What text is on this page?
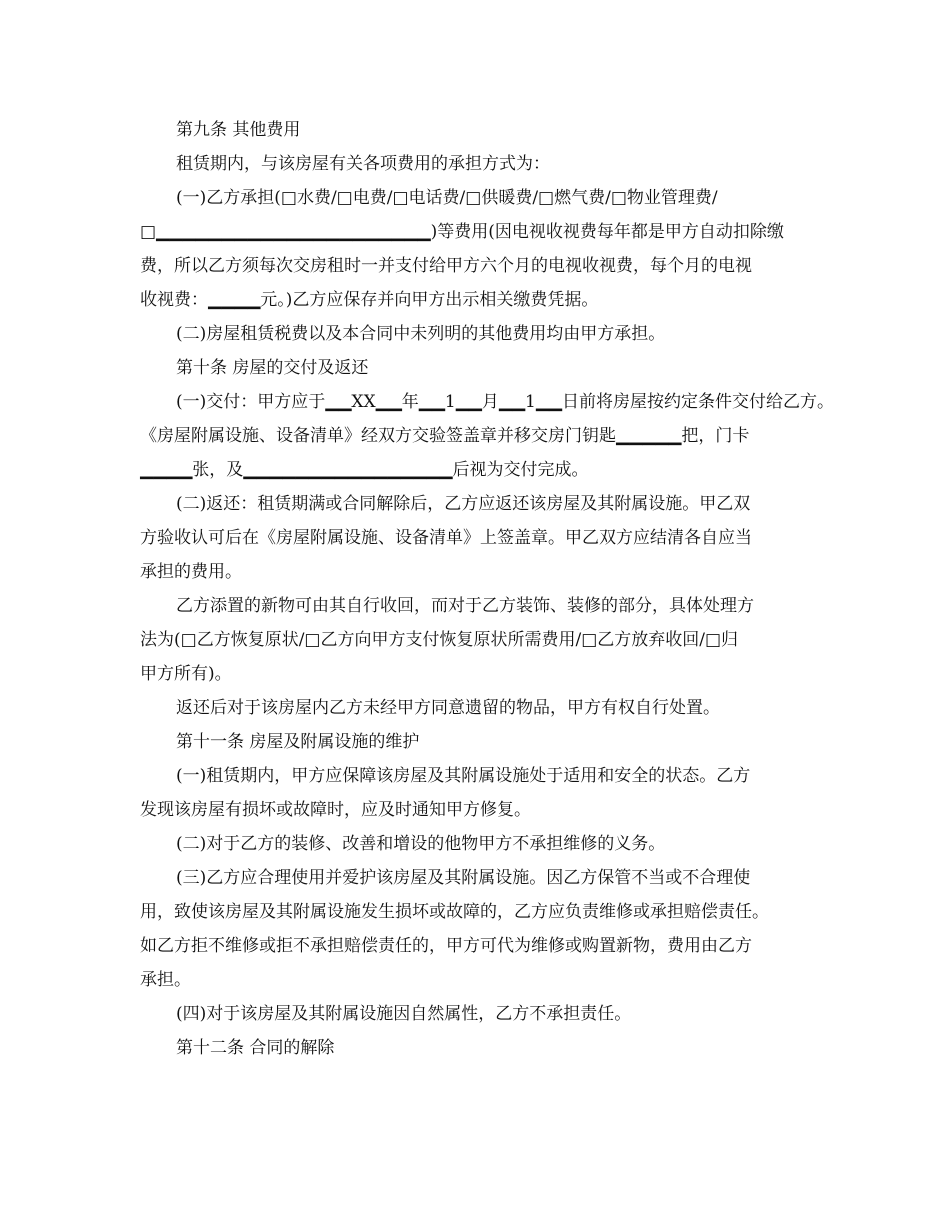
第九条 其他费用
租赁期内，与该房屋有关各项费用的承担方式为：
(一)乙方承担(□水费/□电费/□电话费/□供暖费/□燃气费/□物业管理费/
□▁▁▁▁▁▁▁▁▁▁▁▁▁▁▁▁▁▁▁▁▁)等费用(因电视收视费每年都是甲方自动扣除缴
费，所以乙方须每次交房租时一并支付给甲方六个月的电视收视费，每个月的电视
收视费：▁▁▁▁元。)乙方应保存并向甲方出示相关缴费凭据。
(二)房屋租赁税费以及本合同中未列明的其他费用均由甲方承担。
第十条 房屋的交付及返还
(一)交付：甲方应于▁▁XX▁▁年▁▁1▁▁月▁▁1▁▁日前将房屋按约定条件交付给乙方。
《房屋附属设施、设备清单》经双方交验签盖章并移交房门钥匙▁▁▁▁▁把，门卡
▁▁▁▁张，及▁▁▁▁▁▁▁▁▁▁▁▁▁▁▁▁后视为交付完成。
(二)返还：租赁期满或合同解除后，乙方应返还该房屋及其附属设施。甲乙双
方验收认可后在《房屋附属设施、设备清单》上签盖章。甲乙双方应结清各自应当
承担的费用。
乙方添置的新物可由其自行收回，而对于乙方装饰、装修的部分，具体处理方
法为(□乙方恢复原状/□乙方向甲方支付恢复原状所需费用/□乙方放弃收回/□归
甲方所有)。
返还后对于该房屋内乙方未经甲方同意遗留的物品，甲方有权自行处置。
第十一条 房屋及附属设施的维护
(一)租赁期内，甲方应保障该房屋及其附属设施处于适用和安全的状态。乙方
发现该房屋有损坏或故障时，应及时通知甲方修复。
(二)对于乙方的装修、改善和增设的他物甲方不承担维修的义务。
(三)乙方应合理使用并爱护该房屋及其附属设施。因乙方保管不当或不合理使
用，致使该房屋及其附属设施发生损坏或故障的，乙方应负责维修或承担赔偿责任。
如乙方拒不维修或拒不承担赔偿责任的，甲方可代为维修或购置新物，费用由乙方
承担。
(四)对于该房屋及其附属设施因自然属性，乙方不承担责任。
第十二条 合同的解除
